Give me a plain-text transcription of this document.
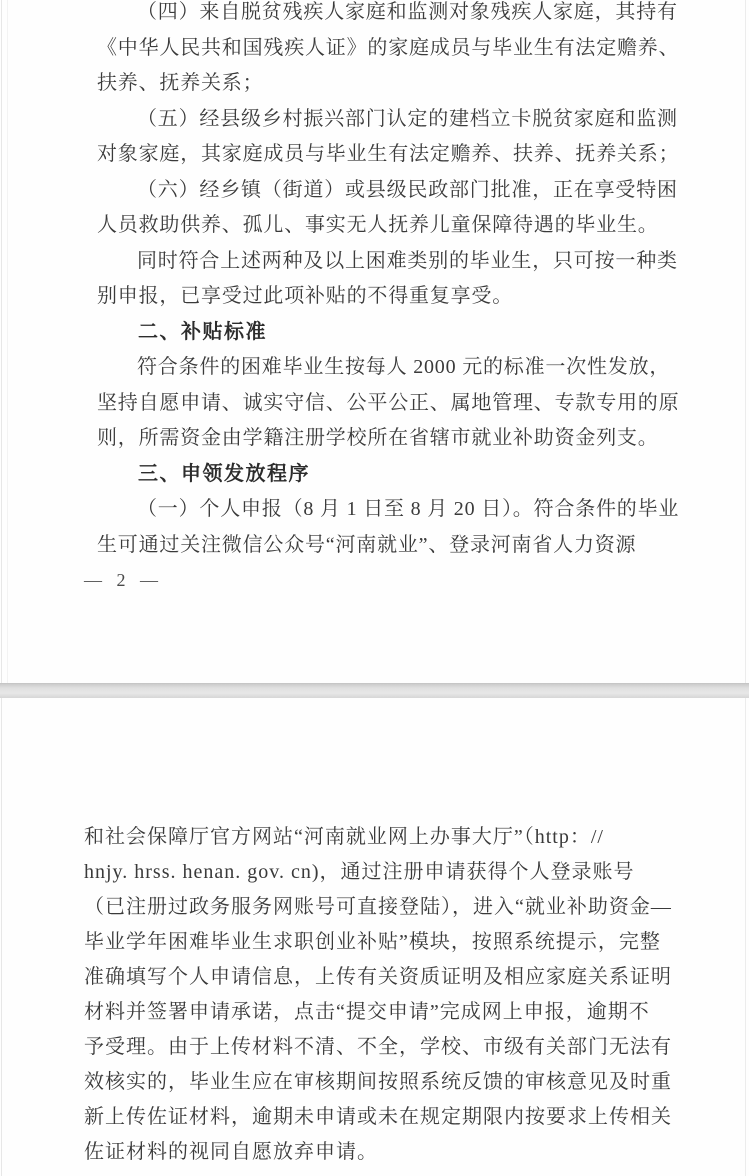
（四）来自脱贫残疾人家庭和监测对象残疾人家庭，其持有
《中华人民共和国残疾人证》的家庭成员与毕业生有法定赡养、
扶养、抚养关系；
（五）经县级乡村振兴部门认定的建档立卡脱贫家庭和监测
对象家庭，其家庭成员与毕业生有法定赡养、扶养、抚养关系；
（六）经乡镇（街道）或县级民政部门批准，正在享受特困
人员救助供养、孤儿、事实无人抚养儿童保障待遇的毕业生。
同时符合上述两种及以上困难类别的毕业生，只可按一种类
别申报，已享受过此项补贴的不得重复享受。
二、补贴标准
符合条件的困难毕业生按每人 2000 元的标准一次性发放，
坚持自愿申请、诚实守信、公平公正、属地管理、专款专用的原
则，所需资金由学籍注册学校所在省辖市就业补助资金列支。
三、申领发放程序
（一）个人申报（8 月 1 日至 8 月 20 日）。符合条件的毕业
生可通过关注微信公众号“河南就业”、登录河南省人力资源
— 2 —
和社会保障厅官方网站“河南就业网上办事大厅”（http：//
hnjy. hrss. henan. gov. cn)，通过注册申请获得个人登录账号
（已注册过政务服务网账号可直接登陆），进入“就业补助资金—
毕业学年困难毕业生求职创业补贴”模块，按照系统提示，完整
准确填写个人申请信息，上传有关资质证明及相应家庭关系证明
材料并签署申请承诺，点击“提交申请”完成网上申报，逾期不
予受理。由于上传材料不清、不全，学校、市级有关部门无法有
效核实的，毕业生应在审核期间按照系统反馈的审核意见及时重
新上传佐证材料，逾期未申请或未在规定期限内按要求上传相关
佐证材料的视同自愿放弃申请。
